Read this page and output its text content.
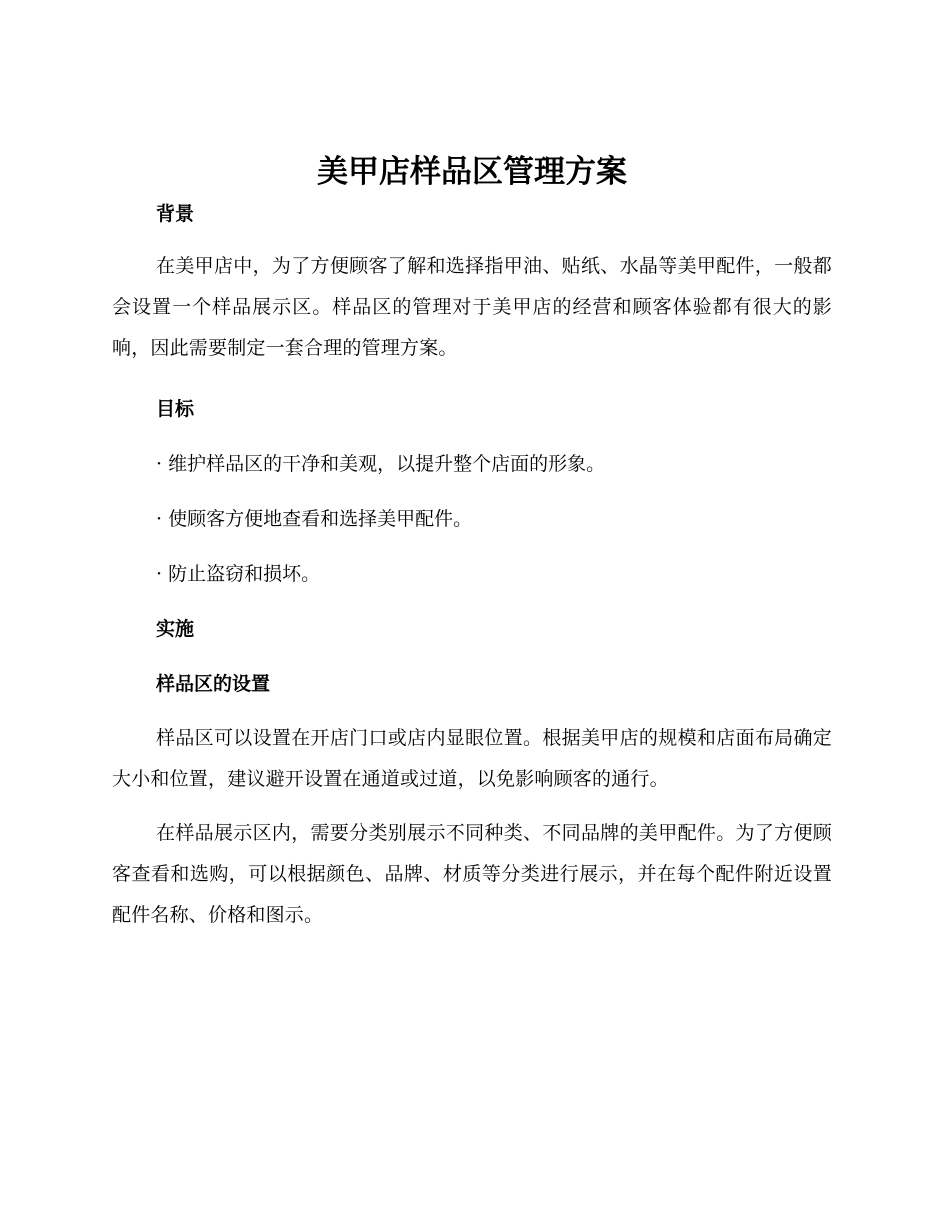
美甲店样品区管理方案
背景

在美甲店中，为了方便顾客了解和选择指甲油、贴纸、水晶等美甲配件，一般都会设置一个样品展示区。样品区的管理对于美甲店的经营和顾客体验都有很大的影响，因此需要制定一套合理的管理方案。

目标

· 维护样品区的干净和美观，以提升整个店面的形象。

· 使顾客方便地查看和选择美甲配件。

· 防止盗窃和损坏。

实施
样品区的设置

样品区可以设置在开店门口或店内显眼位置。根据美甲店的规模和店面布局确定大小和位置，建议避开设置在通道或过道，以免影响顾客的通行。

在样品展示区内，需要分类别展示不同种类、不同品牌的美甲配件。为了方便顾客查看和选购，可以根据颜色、品牌、材质等分类进行展示，并在每个配件附近设置配件名称、价格和图示。
